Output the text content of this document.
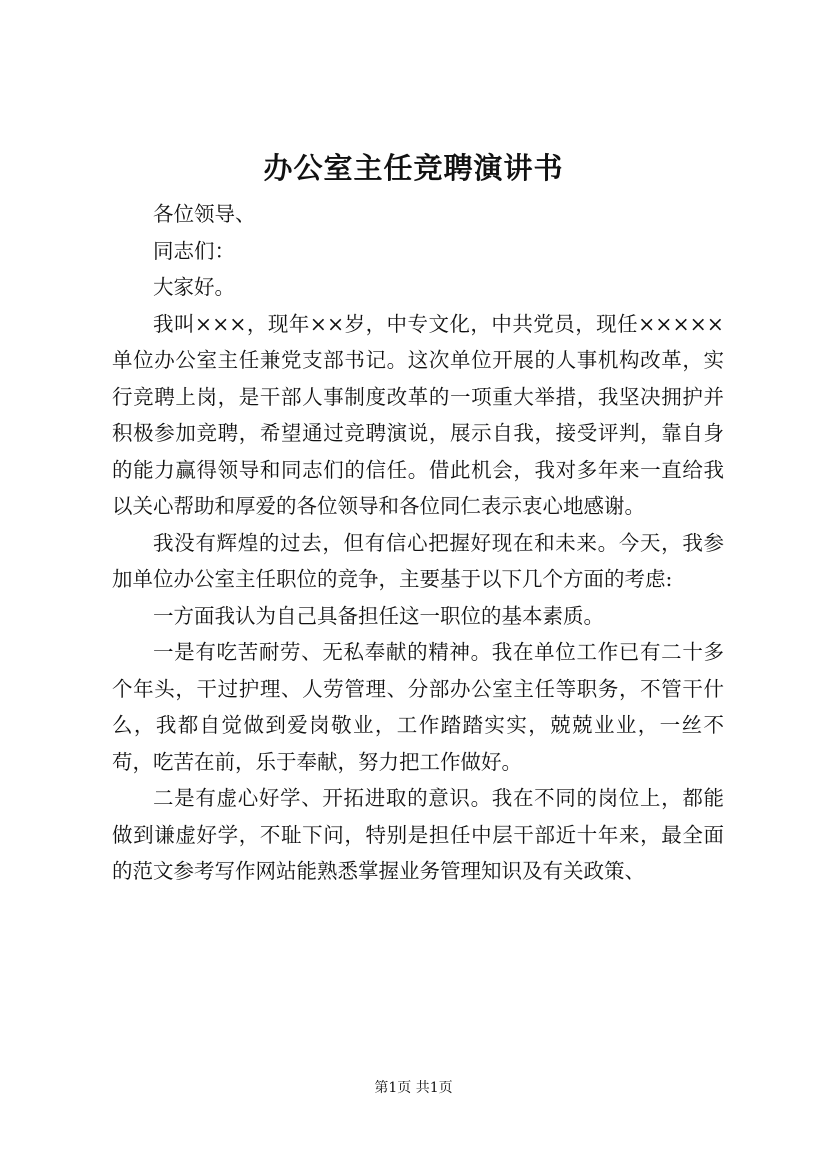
办公室主任竞聘演讲书

各位领导、

同志们：

大家好。

我叫×××，现年××岁，中专文化，中共党员，现任×××××单位办公室主任兼党支部书记。这次单位开展的人事机构改革，实行竞聘上岗，是干部人事制度改革的一项重大举措，我坚决拥护并积极参加竞聘，希望通过竞聘演说，展示自我，接受评判，靠自身的能力赢得领导和同志们的信任。借此机会，我对多年来一直给我以关心帮助和厚爱的各位领导和各位同仁表示衷心地感谢。

我没有辉煌的过去，但有信心把握好现在和未来。今天，我参加单位办公室主任职位的竞争，主要基于以下几个方面的考虑:

一方面我认为自己具备担任这一职位的基本素质。

一是有吃苦耐劳、无私奉献的精神。我在单位工作已有二十多个年头，干过护理、人劳管理、分部办公室主任等职务，不管干什么，我都自觉做到爱岗敬业，工作踏踏实实，兢兢业业，一丝不苟，吃苦在前，乐于奉献，努力把工作做好。

二是有虚心好学、开拓进取的意识。我在不同的岗位上，都能做到谦虚好学，不耻下问，特别是担任中层干部近十年来，最全面的范文参考写作网站能熟悉掌握业务管理知识及有关政策、

第1页 共1页
